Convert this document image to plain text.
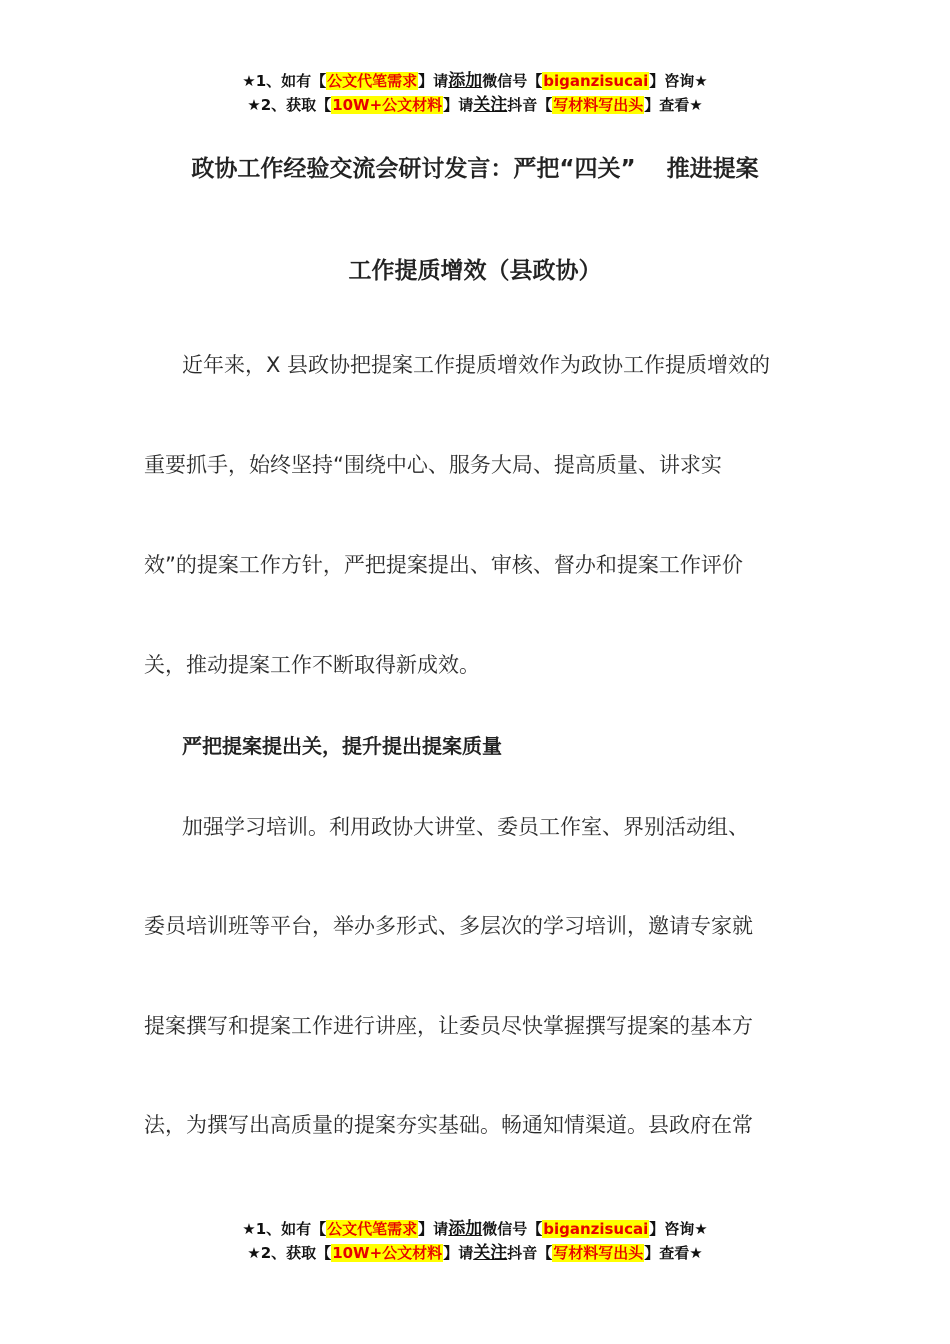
★1、如有【公文代笔需求】请添加微信号【biganzisucai】咨询★
★2、获取【10W+公文材料】请关注抖音【写材料写出头】查看★
政协工作经验交流会研讨发言：严把“四关”　 推进提案
工作提质增效（县政协）
近年来，X 县政协把提案工作提质增效作为政协工作提质增效的
重要抓手，始终坚持“围绕中心、服务大局、提高质量、讲求实
效”的提案工作方针，严把提案提出、审核、督办和提案工作评价
关，推动提案工作不断取得新成效。
严把提案提出关，提升提出提案质量
加强学习培训。利用政协大讲堂、委员工作室、界别活动组、
委员培训班等平台，举办多形式、多层次的学习培训，邀请专家就
提案撰写和提案工作进行讲座，让委员尽快掌握撰写提案的基本方
法，为撰写出高质量的提案夯实基础。畅通知情渠道。县政府在常
★1、如有【公文代笔需求】请添加微信号【biganzisucai】咨询★
★2、获取【10W+公文材料】请关注抖音【写材料写出头】查看★
